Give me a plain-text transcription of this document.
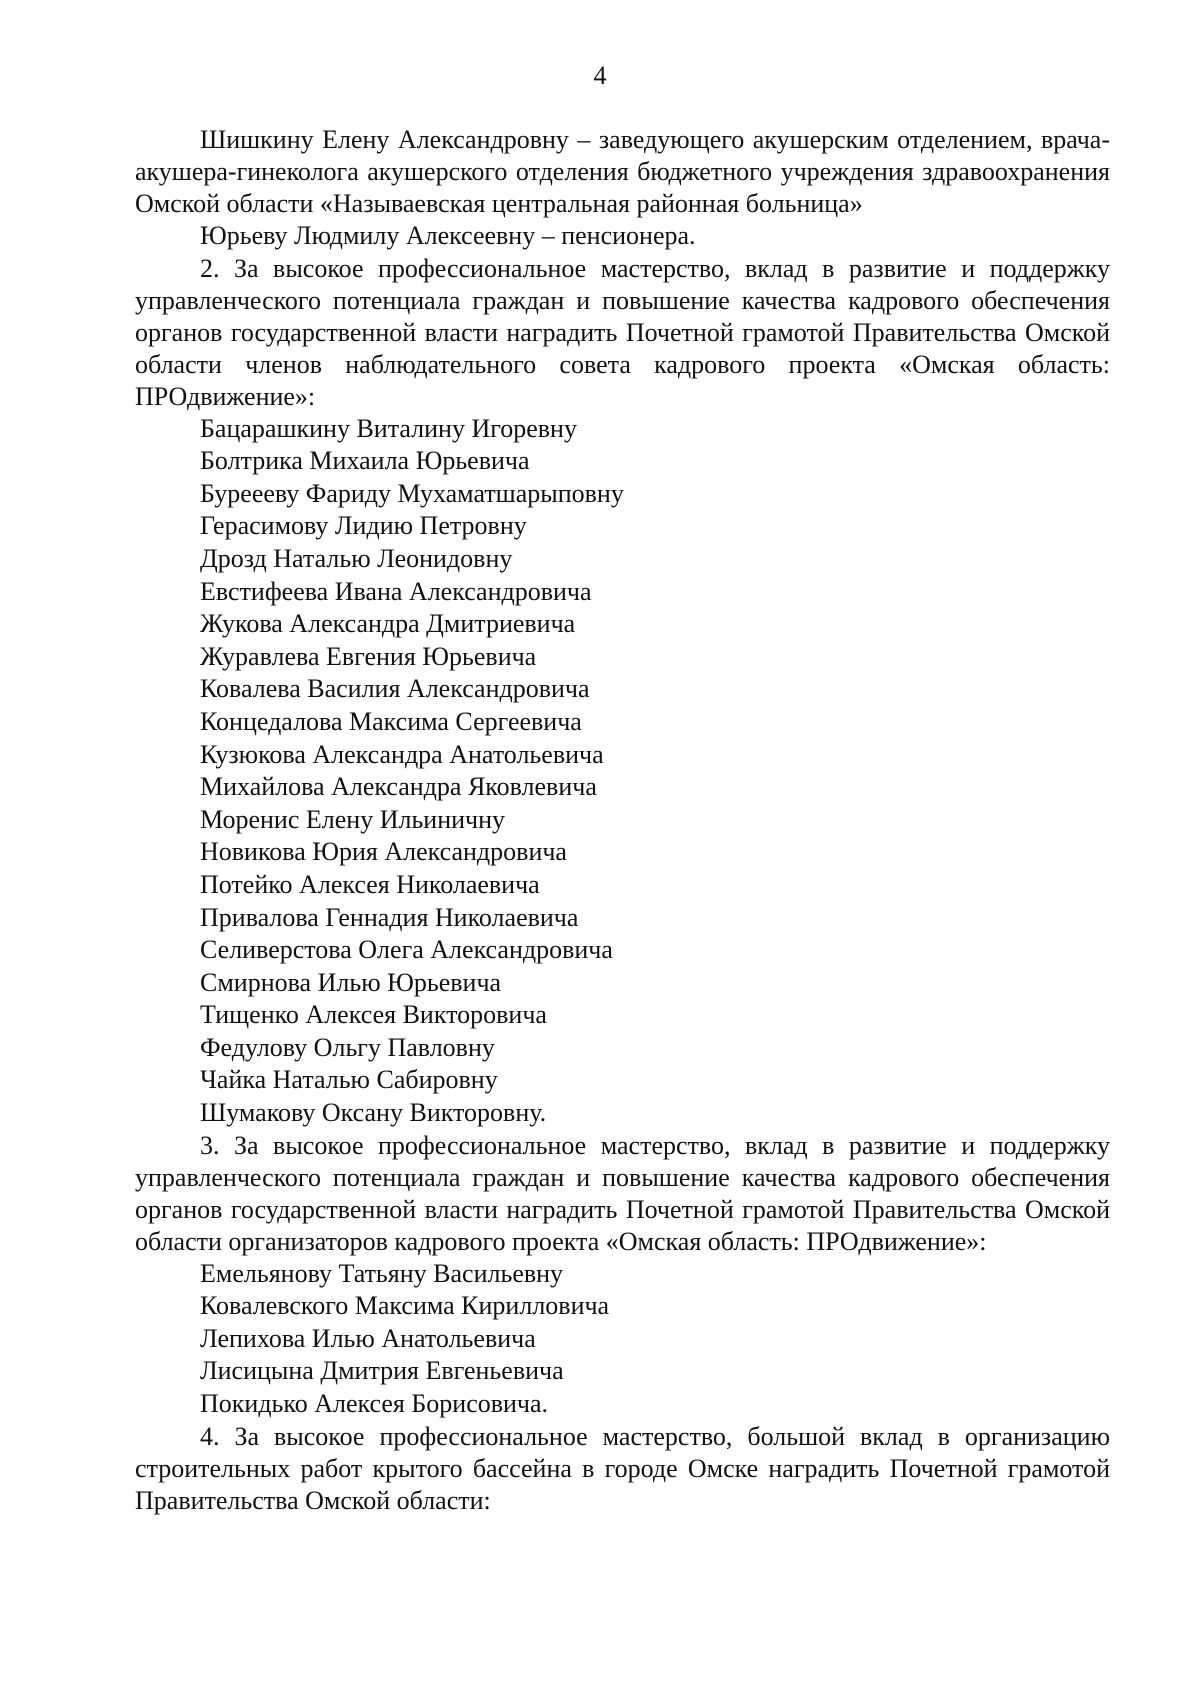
4

Шишкину Елену Александровну – заведующего акушерским отделением, врача-акушера-гинеколога акушерского отделения бюджетного учреждения здравоохранения Омской области «Называевская центральная районная больница»

Юрьеву Людмилу Алексеевну – пенсионера.

2. За высокое профессиональное мастерство, вклад в развитие и поддержку управленческого потенциала граждан и повышение качества кадрового обеспечения органов государственной власти наградить Почетной грамотой Правительства Омской области членов наблюдательного совета кадрового проекта «Омская область: ПРОдвижение»:

Бацарашкину Виталину Игоревну
Болтрика Михаила Юрьевича
Буреееву Фариду Мухаматшарыповну
Герасимову Лидию Петровну
Дрозд Наталью Леонидовну
Евстифеева Ивана Александровича
Жукова Александра Дмитриевича
Журавлева Евгения Юрьевича
Ковалева Василия Александровича
Концедалова Максима Сергеевича
Кузюкова Александра Анатольевича
Михайлова Александра Яковлевича
Моренис Елену Ильиничну
Новикова Юрия Александровича
Потейко Алексея Николаевича
Привалова Геннадия Николаевича
Селиверстова Олега Александровича
Смирнова Илью Юрьевича
Тищенко Алексея Викторовича
Федулову Ольгу Павловну
Чайка Наталью Сабировну
Шумакову Оксану Викторовну.

3. За высокое профессиональное мастерство, вклад в развитие и поддержку управленческого потенциала граждан и повышение качества кадрового обеспечения органов государственной власти наградить Почетной грамотой Правительства Омской области организаторов кадрового проекта «Омская область: ПРОдвижение»:

Емельянову Татьяну Васильевну
Ковалевского Максима Кирилловича
Лепихова Илью Анатольевича
Лисицына Дмитрия Евгеньевича
Покидько Алексея Борисовича.

4. За высокое профессиональное мастерство, большой вклад в организацию строительных работ крытого бассейна в городе Омске наградить Почетной грамотой Правительства Омской области:
